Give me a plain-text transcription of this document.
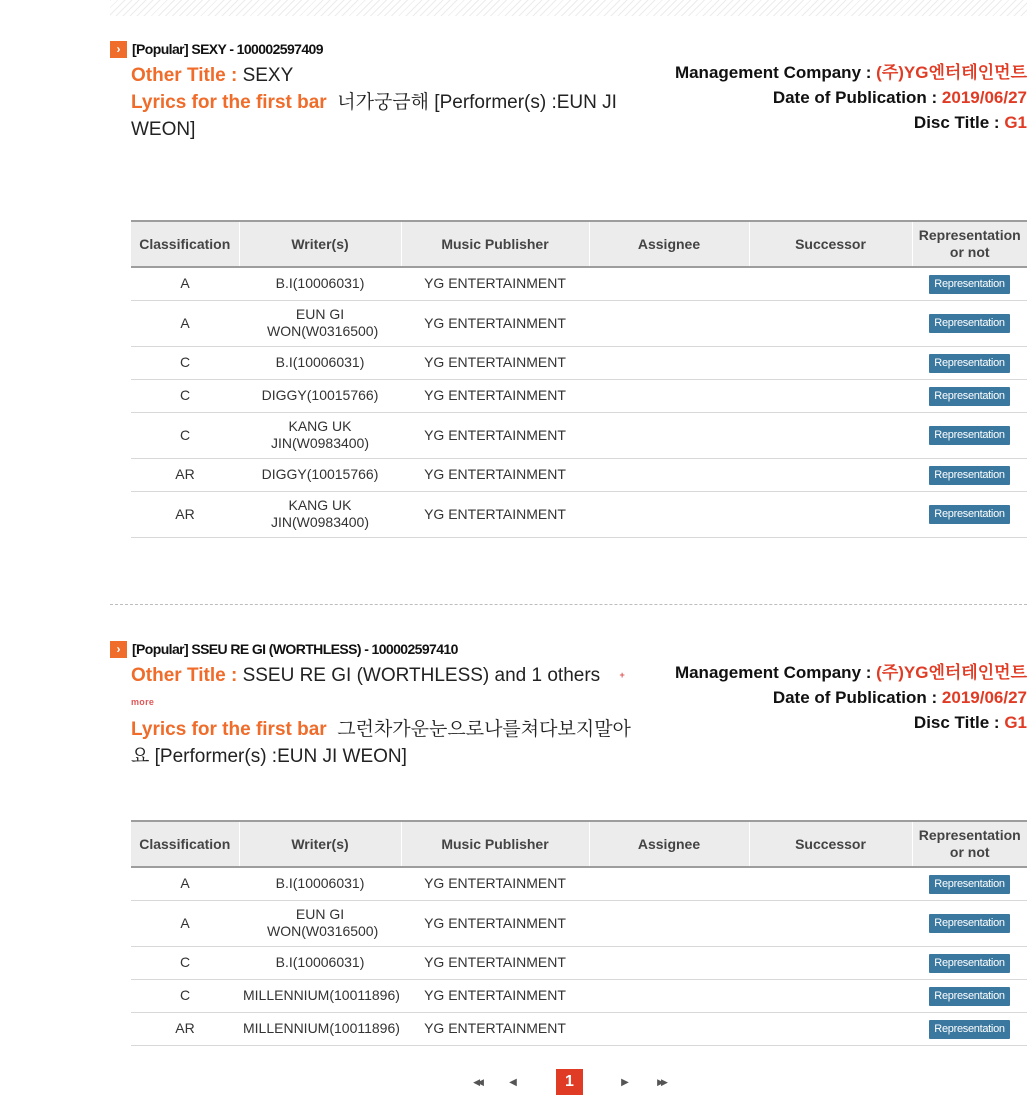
› [Popular] SEXY - 100002597409
Other Title : SEXY
Lyrics for the first bar 너가궁금해 [Performer(s) :EUN JI WEON]
Management Company : (주)YG엔터테인먼트
Date of Publication : 2019/06/27
Disc Title : G1
Classification	Writer(s)	Music Publisher	Assignee	Successor	Representation or not
A	B.I(10006031)	YG ENTERTAINMENT			Representation
A	EUN GI WON(W0316500)	YG ENTERTAINMENT			Representation
C	B.I(10006031)	YG ENTERTAINMENT			Representation
C	DIGGY(10015766)	YG ENTERTAINMENT			Representation
C	KANG UK JIN(W0983400)	YG ENTERTAINMENT			Representation
AR	DIGGY(10015766)	YG ENTERTAINMENT			Representation
AR	KANG UK JIN(W0983400)	YG ENTERTAINMENT			Representation
› [Popular] SSEU RE GI (WORTHLESS) - 100002597410
Other Title : SSEU RE GI (WORTHLESS) and 1 others + more
Lyrics for the first bar 그런차가운눈으로나를쳐다보지말아요 [Performer(s) :EUN JI WEON]
Management Company : (주)YG엔터테인먼트
Date of Publication : 2019/06/27
Disc Title : G1
Classification	Writer(s)	Music Publisher	Assignee	Successor	Representation or not
A	B.I(10006031)	YG ENTERTAINMENT			Representation
A	EUN GI WON(W0316500)	YG ENTERTAINMENT			Representation
C	B.I(10006031)	YG ENTERTAINMENT			Representation
C	MILLENNIUM(10011896)	YG ENTERTAINMENT			Representation
AR	MILLENNIUM(10011896)	YG ENTERTAINMENT			Representation
◀◀	◀	1	▶	▶▶
